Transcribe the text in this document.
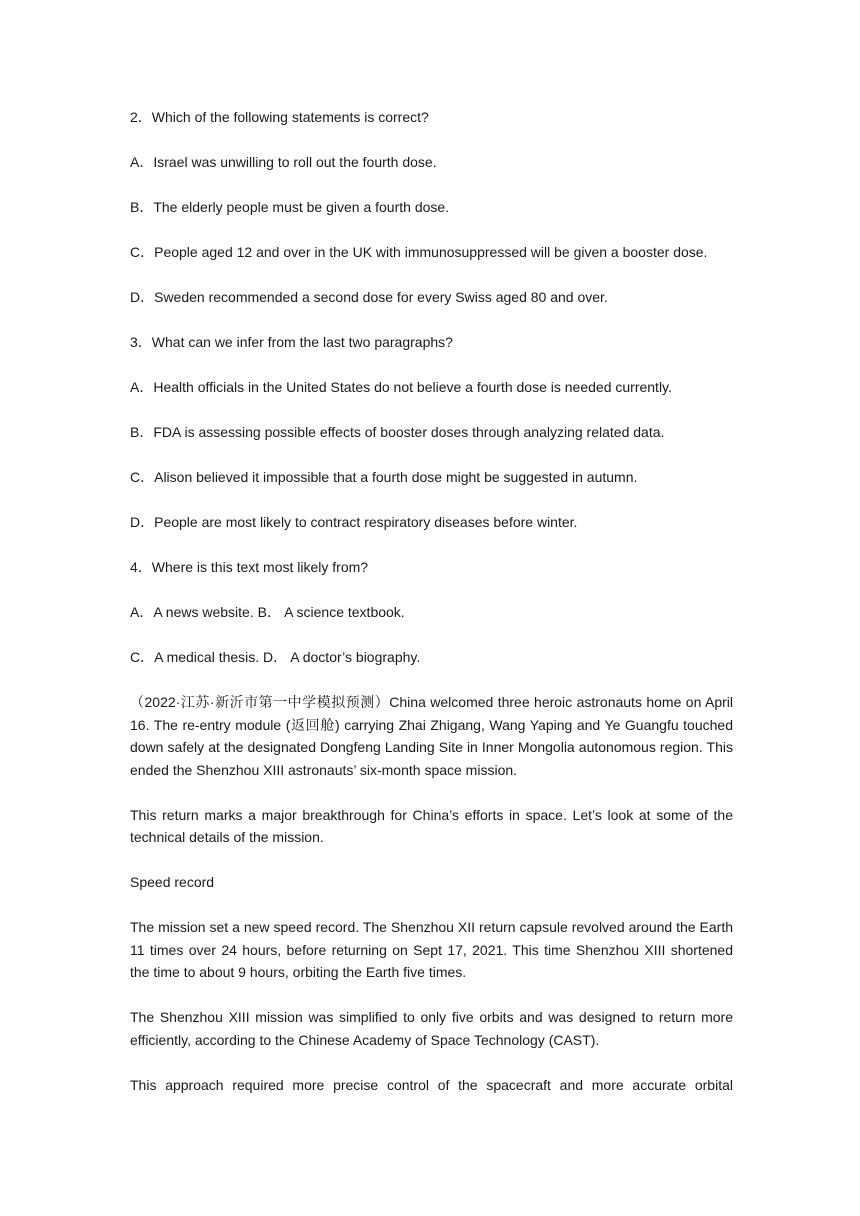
2．Which of the following statements is correct?
A．Israel was unwilling to roll out the fourth dose.
B．The elderly people must be given a fourth dose.
C．People aged 12 and over in the UK with immunosuppressed will be given a booster dose.
D．Sweden recommended a second dose for every Swiss aged 80 and over.
3．What can we infer from the last two paragraphs?
A．Health officials in the United States do not believe a fourth dose is needed currently.
B．FDA is assessing possible effects of booster doses through analyzing related data.
C．Alison believed it impossible that a fourth dose might be suggested in autumn.
D．People are most likely to contract respiratory diseases before winter.
4．Where is this text most likely from?
A．A news website. B． A science textbook.
C．A medical thesis. D． A doctor’s biography.
（2022·江苏·新沂市第一中学模拟预测）China welcomed three heroic astronauts home on April 16. The re-entry module (返回舱) carrying Zhai Zhigang, Wang Yaping and Ye Guangfu touched down safely at the designated Dongfeng Landing Site in Inner Mongolia autonomous region. This ended the Shenzhou XIII astronauts’ six-month space mission.
This return marks a major breakthrough for China’s efforts in space. Let’s look at some of the technical details of the mission.
Speed record
The mission set a new speed record. The Shenzhou XII return capsule revolved around the Earth 11 times over 24 hours, before returning on Sept 17, 2021. This time Shenzhou XIII shortened the time to about 9 hours, orbiting the Earth five times.
The Shenzhou XIII mission was simplified to only five orbits and was designed to return more efficiently, according to the Chinese Academy of Space Technology (CAST).
This approach required more precise control of the spacecraft and more accurate orbital
